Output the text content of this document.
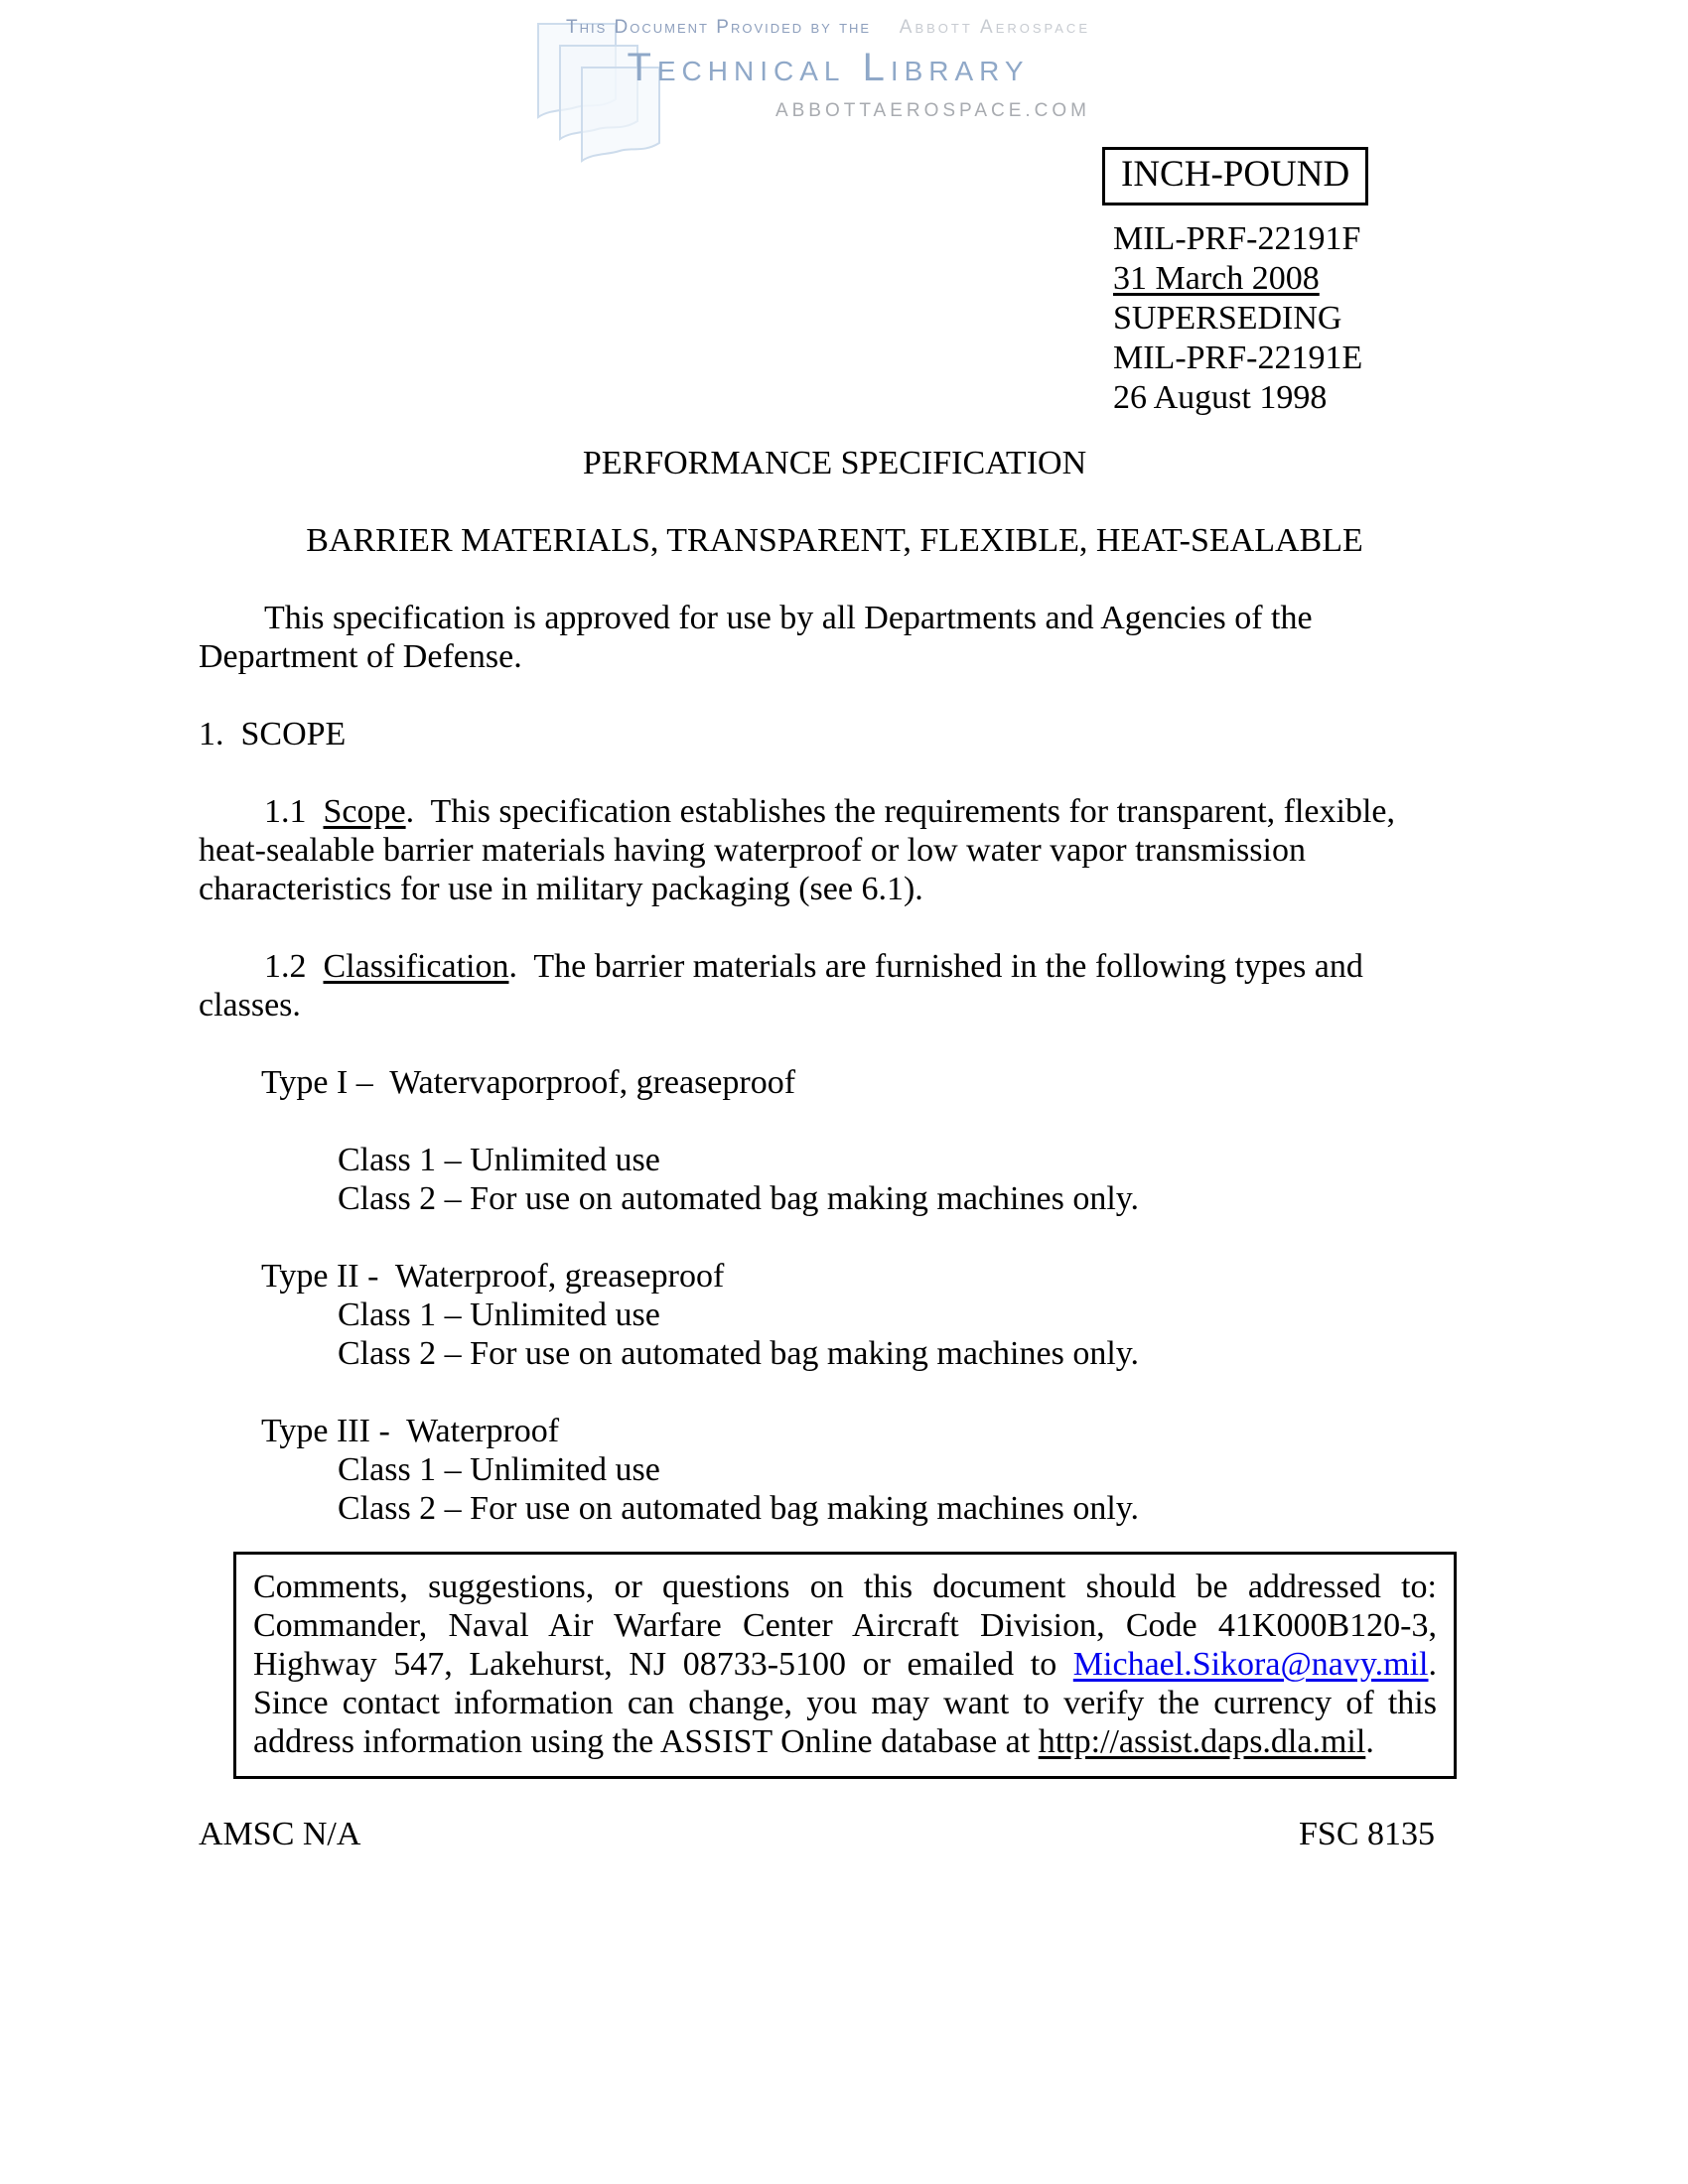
This Document Provided by the Abbott Aerospace
Technical Library
ABBOTTAEROSPACE.COM
INCH-POUND

MIL-PRF-22191F

31 March 2008

SUPERSEDING

MIL-PRF-22191E

26 August 1998

PERFORMANCE SPECIFICATION

BARRIER MATERIALS, TRANSPARENT, FLEXIBLE, HEAT-SEALABLE

This specification is approved for use by all Departments and Agencies of the Department of Defense.

1.  SCOPE

1.1  Scope.  This specification establishes the requirements for transparent, flexible, heat-sealable barrier materials having waterproof or low water vapor transmission characteristics for use in military packaging (see 6.1).

1.2  Classification.  The barrier materials are furnished in the following types and classes.

Type I –  Watervaporproof, greaseproof

Class 1 – Unlimited use

Class 2 – For use on automated bag making machines only.

Type II -  Waterproof, greaseproof

Class 1 – Unlimited use

Class 2 – For use on automated bag making machines only.

Type III -  Waterproof

Class 1 – Unlimited use

Class 2 – For use on automated bag making machines only.

Comments, suggestions, or questions on this document should be addressed to: Commander, Naval Air Warfare Center Aircraft Division, Code 41K000B120-3, Highway 547, Lakehurst, NJ 08733-5100 or emailed to Michael.Sikora@navy.mil. Since contact information can change, you may want to verify the currency of this address information using the ASSIST Online database at http://assist.daps.dla.mil.
AMSC N/A	FSC 8135
